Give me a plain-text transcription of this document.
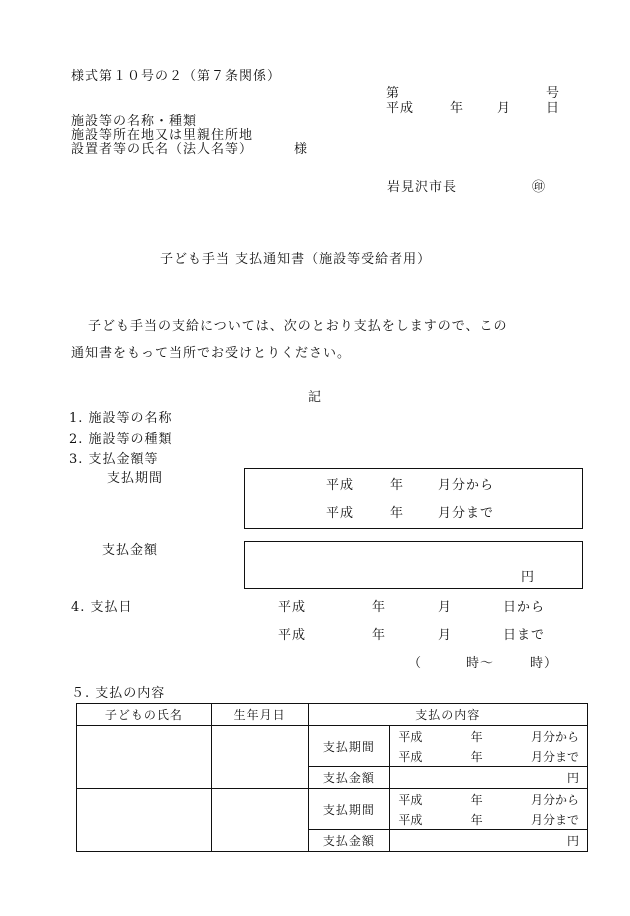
様式第１０号の２（第７条関係）
第	号
平成	年	月	日
施設等の名称・種類
施設等所在地又は里親住所地
設置者等の氏名（法人名等）	様
岩見沢市長	㊞
子ども手当 支払通知書（施設等受給者用）
子ども手当の支給については、次のとおり支払をしますので、この
通知書をもって当所でお受けとりください。
記
1. 施設等の名称
2. 施設等の種類
3. 支払金額等
支払期間	平成	年	月分から
平成	年	月分まで
支払金額
円
4. 支払日	平成	年	月	日から
平成	年	月	日まで
（	時～	時）
５. 支払の内容
子どもの氏名	生年月日	支払の内容	
		支払期間	平成 年 月分から

			平成 年 月分まで

		支払金額	円
		支払期間	平成 年 月分から

			平成 年 月分まで

		支払金額	円
